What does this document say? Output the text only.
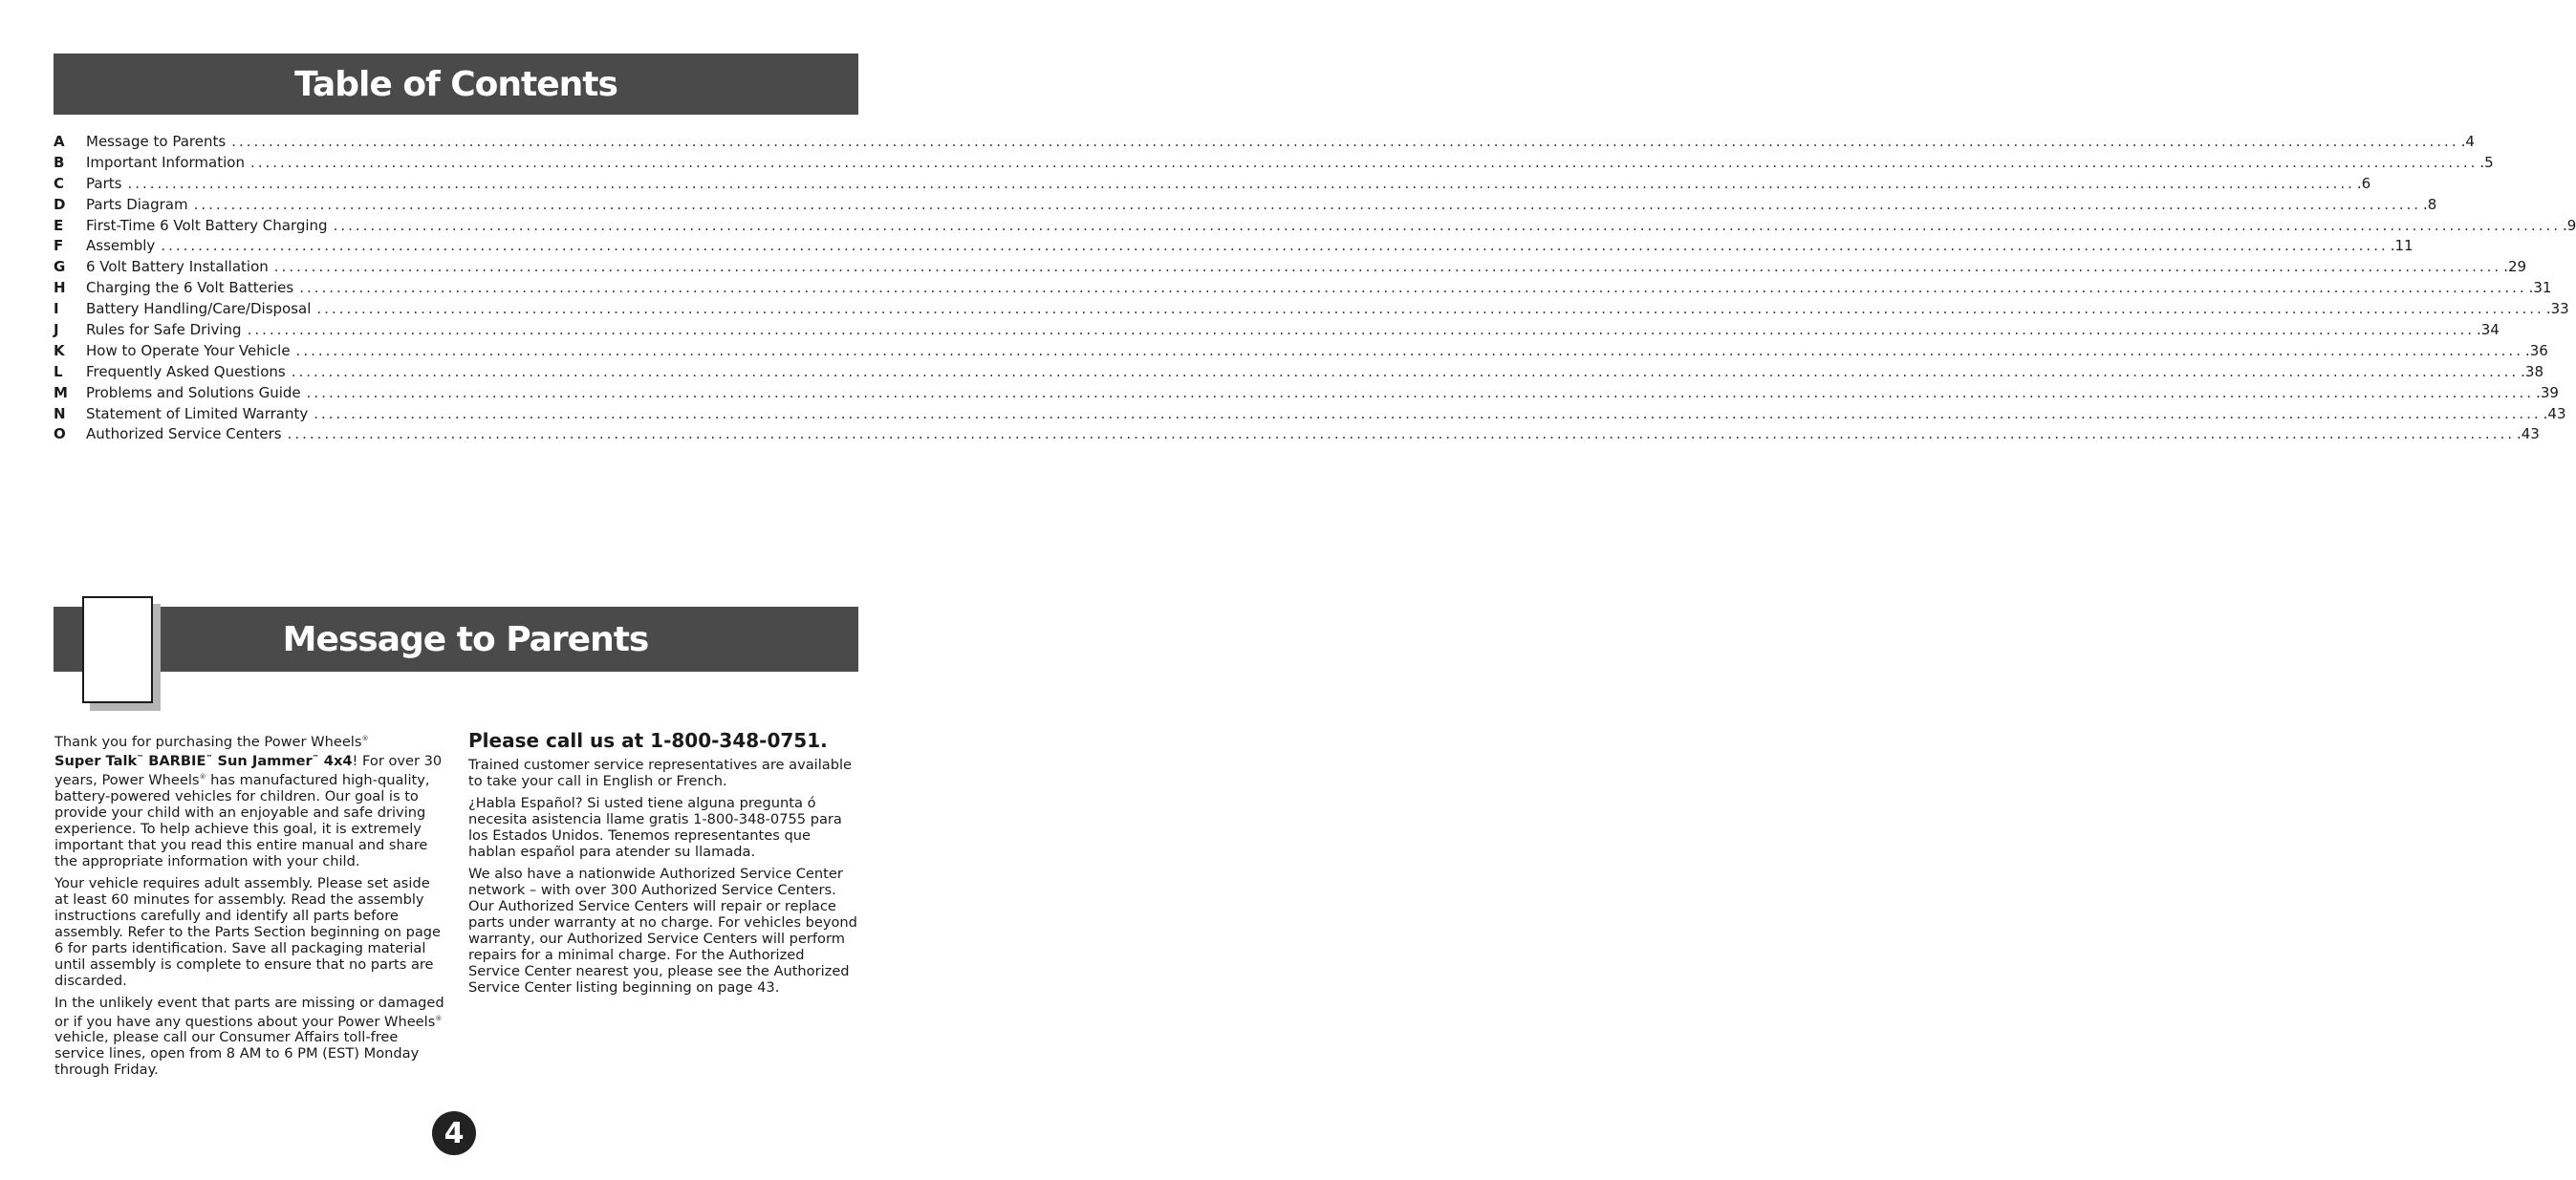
Table of Contents
A	Message to Parents ............................................................................................................................................................................................................................................................................................................ .4
B	Important Information ............................................................................................................................................................................................................................................................................................................ .5
C	Parts ............................................................................................................................................................................................................................................................................................................ .6
D	Parts Diagram ............................................................................................................................................................................................................................................................................................................ .8
E	First-Time 6 Volt Battery Charging ............................................................................................................................................................................................................................................................................................................ .9
F	Assembly ............................................................................................................................................................................................................................................................................................................ .11
G	6 Volt Battery Installation ............................................................................................................................................................................................................................................................................................................ .29
H	Charging the 6 Volt Batteries ............................................................................................................................................................................................................................................................................................................ .31
I	Battery Handling/Care/Disposal ............................................................................................................................................................................................................................................................................................................ .33
J	Rules for Safe Driving ............................................................................................................................................................................................................................................................................................................ .34
K	How to Operate Your Vehicle ............................................................................................................................................................................................................................................................................................................ .36
L	Frequently Asked Questions ............................................................................................................................................................................................................................................................................................................ .38
M	Problems and Solutions Guide ............................................................................................................................................................................................................................................................................................................ .39
N	Statement of Limited Warranty ............................................................................................................................................................................................................................................................................................................ .43
O	Authorized Service Centers ............................................................................................................................................................................................................................................................................................................ .43
Message to Parents

Thank you for purchasing the Power Wheels®
Super Talk™ BARBIE™ Sun Jammer™ 4x4! For over 30 years, Power Wheels® has manufactured high-quality, battery-powered vehicles for children. Our goal is to provide your child with an enjoyable and safe driving experience. To help achieve this goal, it is extremely important that you read this entire manual and share the appropriate information with your child.

Your vehicle requires adult assembly. Please set aside at least 60 minutes for assembly. Read the assembly instructions carefully and identify all parts before assembly. Refer to the Parts Section beginning on page 6 for parts identification. Save all packaging material until assembly is complete to ensure that no parts are discarded.

In the unlikely event that parts are missing or damaged or if you have any questions about your Power Wheels® vehicle, please call our Consumer Affairs toll-free service lines, open from 8 AM to 6 PM (EST) Monday through Friday.

Please call us at 1-800-348-0751.

Trained customer service representatives are available to take your call in English or French.

¿Habla Español? Si usted tiene alguna pregunta ó necesita asistencia llame gratis 1-800-348-0755 para los Estados Unidos. Tenemos representantes que hablan español para atender su llamada.

We also have a nationwide Authorized Service Center network – with over 300 Authorized Service Centers. Our Authorized Service Centers will repair or replace parts under warranty at no charge. For vehicles beyond warranty, our Authorized Service Centers will perform repairs for a minimal charge. For the Authorized Service Center nearest you, please see the Authorized Service Center listing beginning on page 43.

4
